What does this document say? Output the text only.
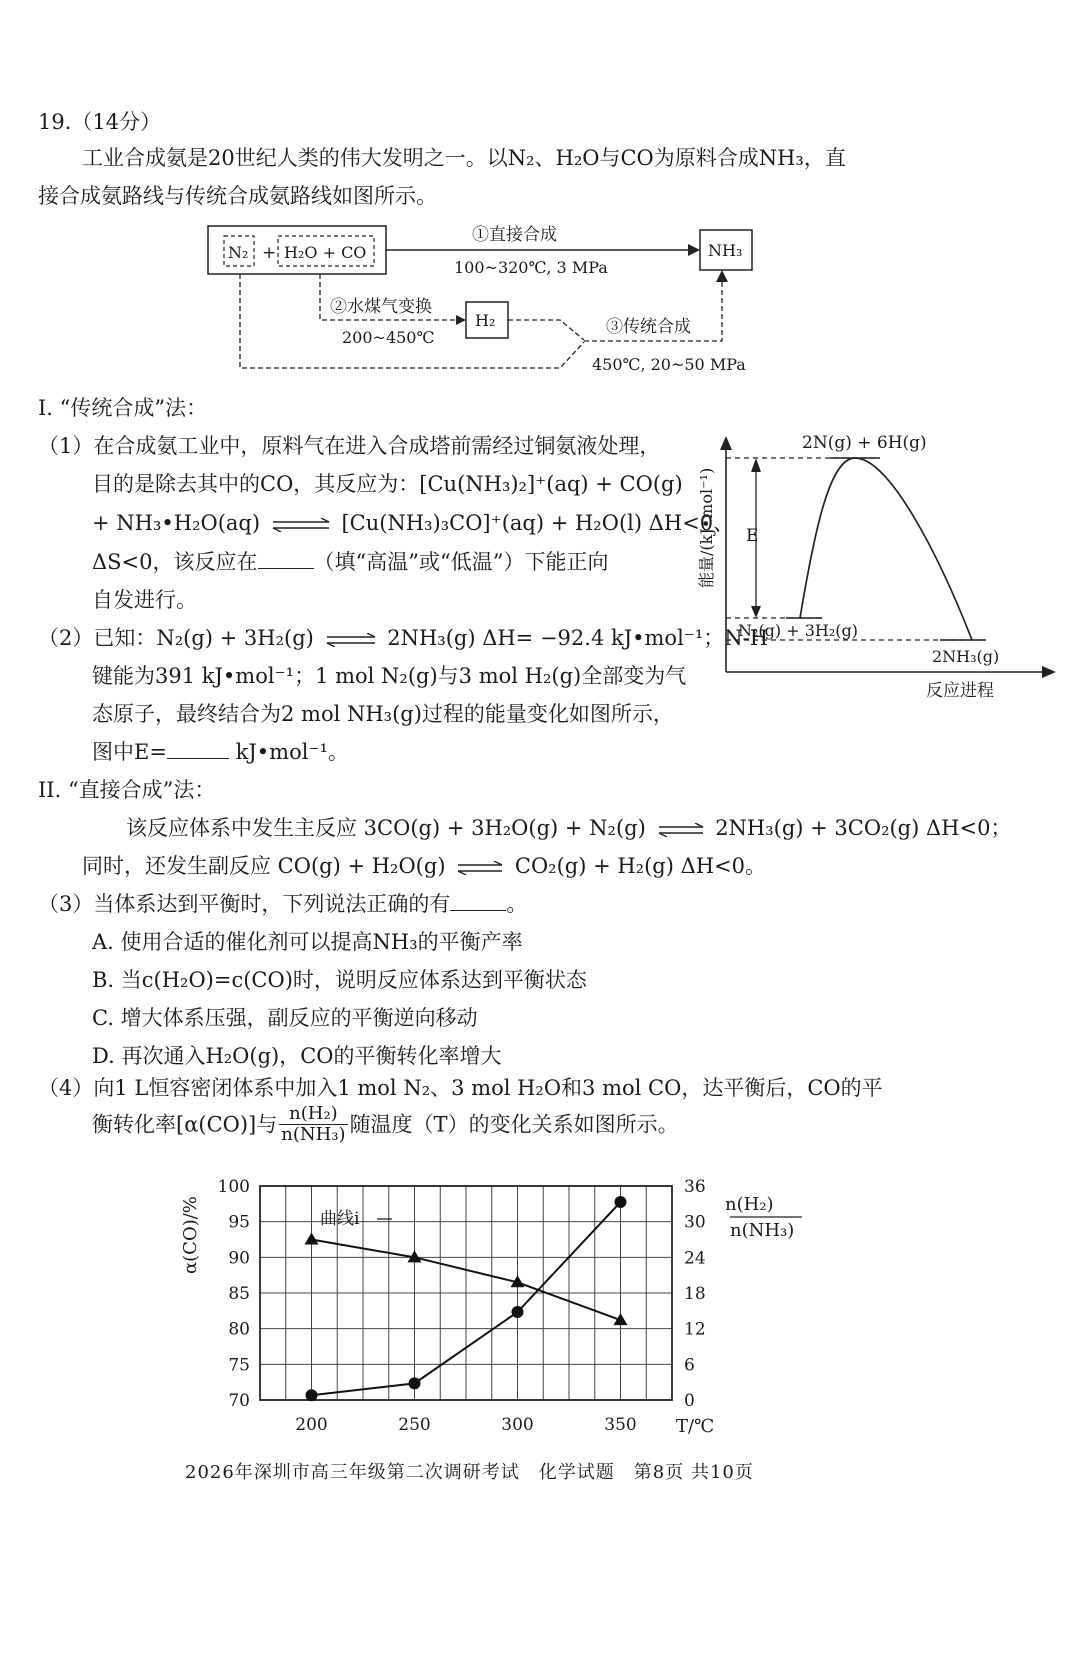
19.（14分）
工业合成氨是20世纪人类的伟大发明之一。以N₂、H₂O与CO为原料合成NH₃，直
接合成氨路线与传统合成氨路线如图所示。
N₂ + H₂O + CO
①直接合成
100~320℃, 3 MPa
NH₃
②水煤气变换
200~450℃
H₂	③传统合成
450℃, 20~50 MPa
I. “传统合成”法：
（1）在合成氨工业中，原料气在进入合成塔前需经过铜氨液处理，
目的是除去其中的CO，其反应为：[Cu(NH₃)₂]⁺(aq) + CO(g)
+ NH₃•H₂O(aq) ⇌ [Cu(NH₃)₃CO]⁺(aq) + H₂O(l) ΔH<0、
ΔS<0，该反应在	（填“高温”或“低温”）下能正向
自发进行。
（2）已知：N₂(g) + 3H₂(g) ⇌ 2NH₃(g) ΔH= −92.4 kJ•mol⁻¹；N-H
键能为391 kJ•mol⁻¹；1 mol N₂(g)与3 mol H₂(g)全部变为气
态原子，最终结合为2 mol NH₃(g)过程的能量变化如图所示，
图中E=	kJ•mol⁻¹。
能量/(kJ•mol⁻¹)
2N(g) + 6H(g)
N₂(g) + 3H₂(g)
2NH₃(g)
E
反应进程
II. “直接合成”法：
该反应体系中发生主反应 3CO(g) + 3H₂O(g) + N₂(g) ⇌ 2NH₃(g) + 3CO₂(g) ΔH<0；
同时，还发生副反应 CO(g) + H₂O(g) ⇌ CO₂(g) + H₂(g) ΔH<0。
（3）当体系达到平衡时，下列说法正确的有	。
A. 使用合适的催化剂可以提高NH₃的平衡产率
B. 当c(H₂O)=c(CO)时，说明反应体系达到平衡状态
C. 增大体系压强，副反应的平衡逆向移动
D. 再次通入H₂O(g)，CO的平衡转化率增大
（4）向1 L恒容密闭体系中加入1 mol N₂、3 mol H₂O和3 mol CO，达平衡后，CO的平
衡转化率[α(CO)]与 $\frac{\text{n(H₂)}}{\text{n(NH₃)}}$ 随温度（T）的变化关系如图所示。
70
75
80
85
90
95
100
0
6
12
18
24
30
36
200	250	300	350
α(CO)/%	n(H₂)
n(NH₃)
T/℃
曲线i
2026年深圳市高三年级第二次调研考试　化学试题　第8页 共10页
